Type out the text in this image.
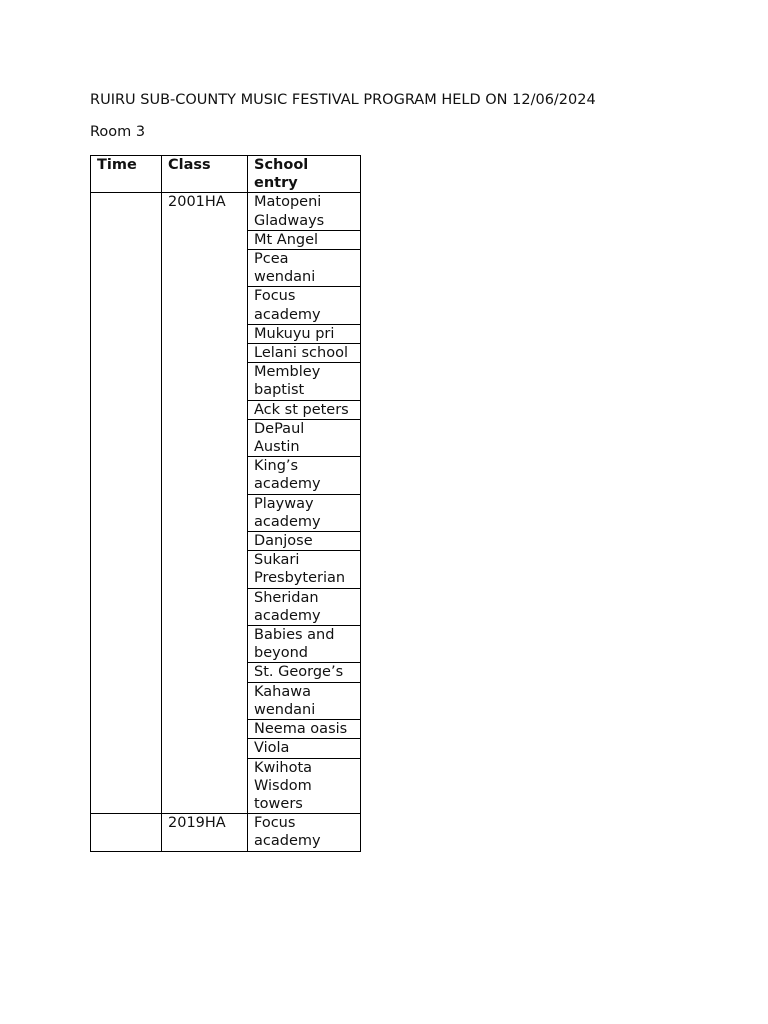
RUIRU SUB-COUNTY MUSIC FESTIVAL PROGRAM HELD ON 12/06/2024
Room 3
Time	Class	School entry
	2001HA	Matopeni Gladways
		Mt Angel
		Pcea wendani
		Focus academy
		Mukuyu pri
		Lelani school
		Membley baptist
		Ack st peters
		DePaul Austin
		King’s academy
		Playway academy
		Danjose
		Sukari Presbyterian
		Sheridan academy
		Babies and beyond
		St. George’s
		Kahawa wendani
		Neema oasis
		Viola
		Kwihota Wisdom towers
	2019HA	Focus academy
